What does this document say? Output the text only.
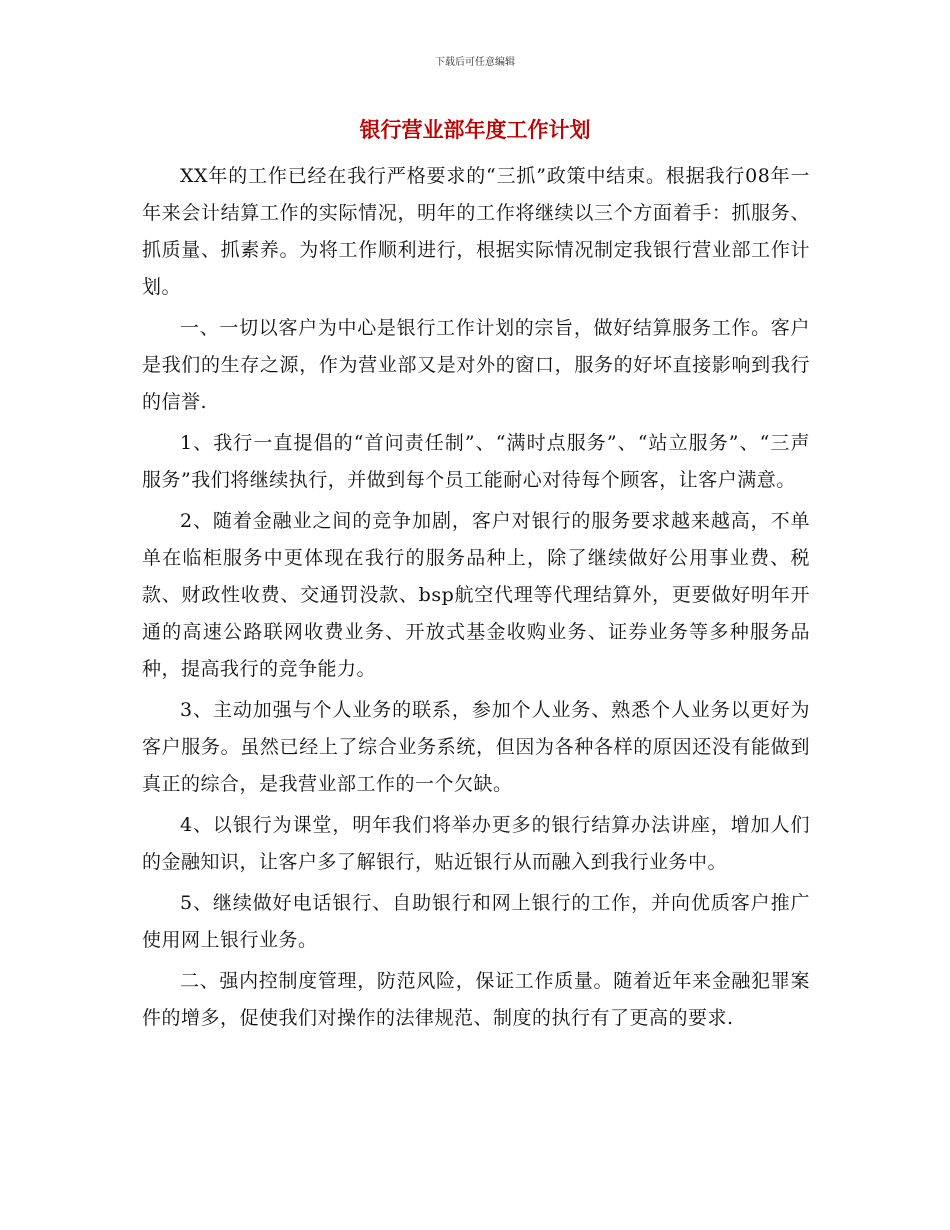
下载后可任意编辑
银行营业部年度工作计划

XX年的工作已经在我行严格要求的“三抓”政策中结束。根据我行08年一年来会计结算工作的实际情况，明年的工作将继续以三个方面着手：抓服务、抓质量、抓素养。为将工作顺利进行，根据实际情况制定我银行营业部工作计划。

一、一切以客户为中心是银行工作计划的宗旨，做好结算服务工作。客户是我们的生存之源，作为营业部又是对外的窗口，服务的好坏直接影响到我行的信誉.

1、我行一直提倡的“首问责任制”、“满时点服务”、“站立服务”、“三声服务”我们将继续执行，并做到每个员工能耐心对待每个顾客，让客户满意。

2、随着金融业之间的竞争加剧，客户对银行的服务要求越来越高，不单单在临柜服务中更体现在我行的服务品种上，除了继续做好公用事业费、税款、财政性收费、交通罚没款、bsp航空代理等代理结算外，更要做好明年开通的高速公路联网收费业务、开放式基金收购业务、证券业务等多种服务品种，提高我行的竞争能力。

3、主动加强与个人业务的联系，参加个人业务、熟悉个人业务以更好为客户服务。虽然已经上了综合业务系统，但因为各种各样的原因还没有能做到真正的综合，是我营业部工作的一个欠缺。

4、以银行为课堂，明年我们将举办更多的银行结算办法讲座，增加人们的金融知识，让客户多了解银行，贴近银行从而融入到我行业务中。

5、继续做好电话银行、自助银行和网上银行的工作，并向优质客户推广使用网上银行业务。

二、强内控制度管理，防范风险，保证工作质量。随着近年来金融犯罪案件的增多，促使我们对操作的法律规范、制度的执行有了更高的要求.
